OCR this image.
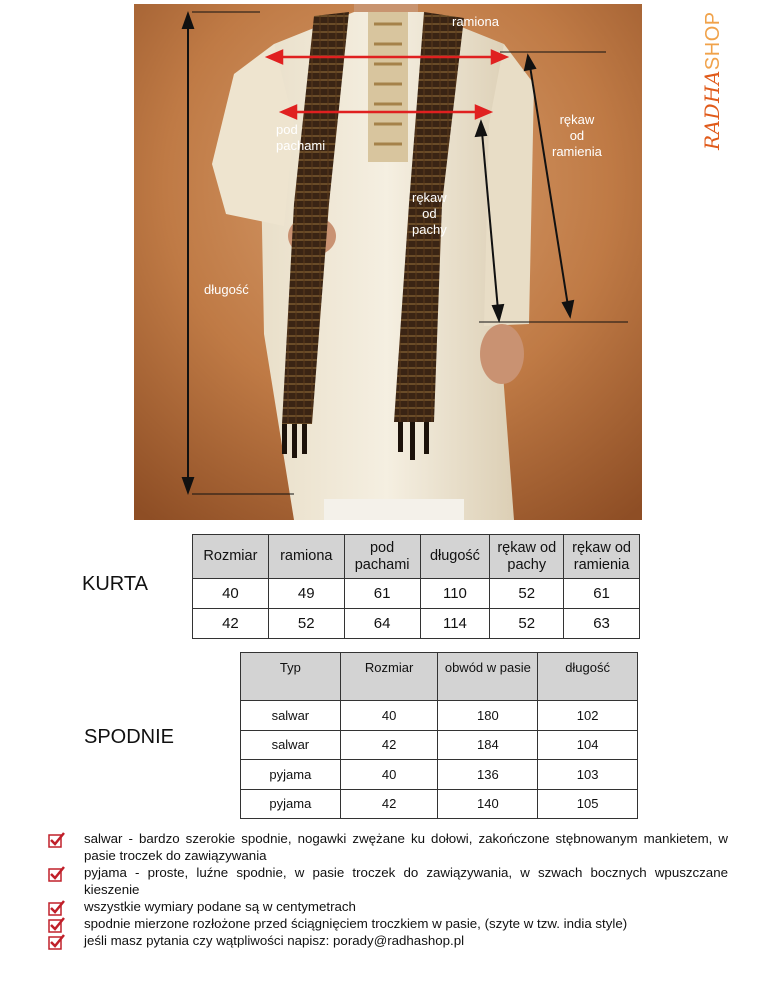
ramiona
pod
pachami
rękaw
od
ramienia
rękaw
od
pachy
długość
RADHASHOP
KURTA
Rozmiar	ramiona	pod pachami	długość	rękaw od pachy	rękaw od ramienia
40	49	61	110	52	61
42	52	64	114	52	63
SPODNIE
Typ	Rozmiar	obwód w pasie	długość
salwar	40	180	102
salwar	42	184	104
pyjama	40	136	103
pyjama	42	140	105
salwar - bardzo szerokie spodnie, nogawki zwężane ku dołowi, zakończone stębnowanym mankietem, w pasie troczek do zawiązywania
pyjama - proste, luźne spodnie, w pasie troczek do zawiązywania, w szwach bocznych wpuszczane kieszenie
wszystkie wymiary podane są w centymetrach
spodnie mierzone rozłożone przed ściągnięciem troczkiem w pasie, (szyte w tzw. india style)
jeśli masz pytania czy wątpliwości napisz: porady@radhashop.pl
